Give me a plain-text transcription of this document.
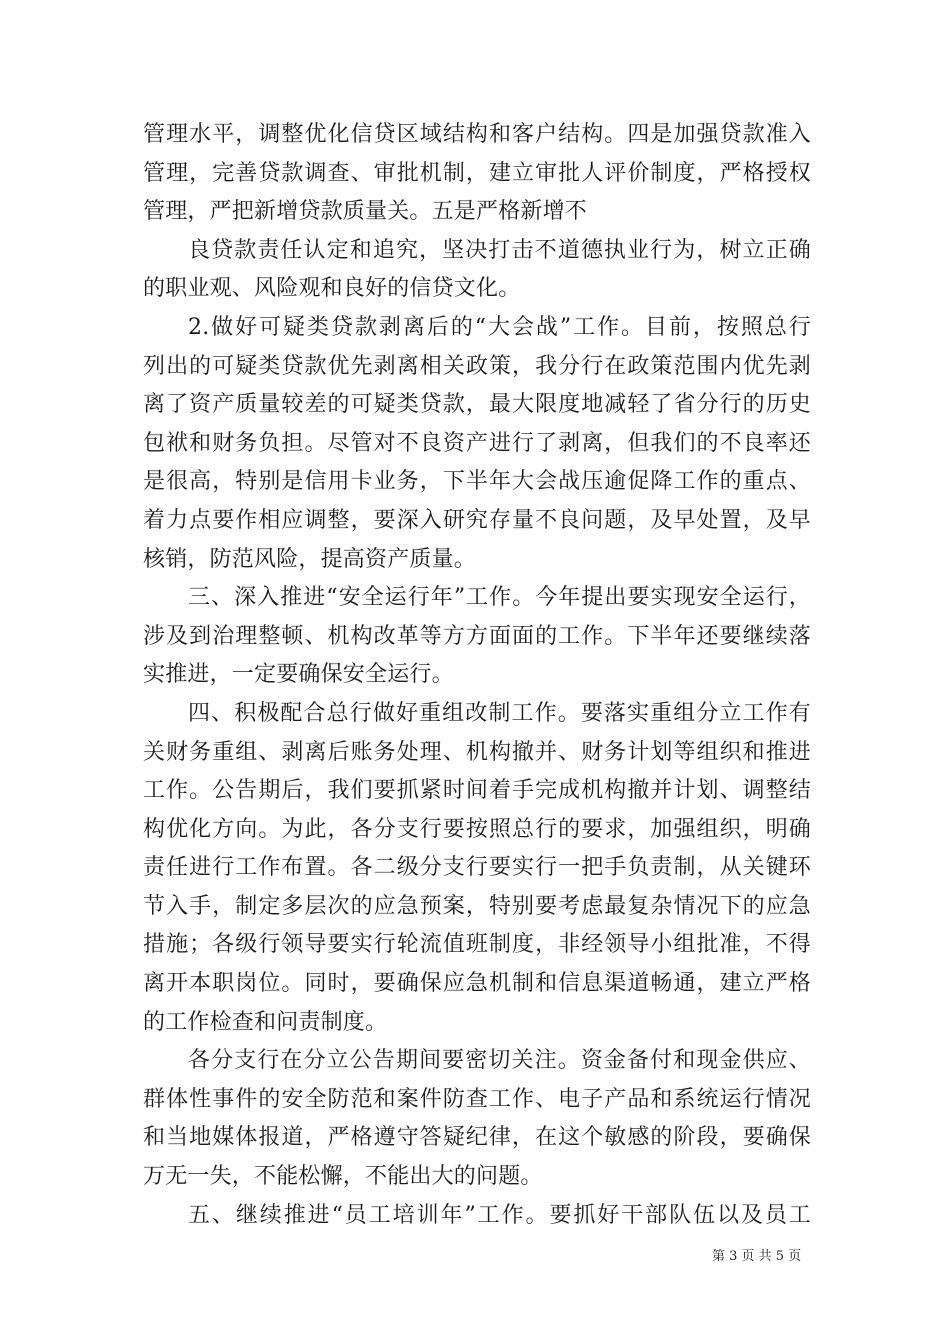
管理水平，调整优化信贷区域结构和客户结构。四是加强贷款准入
管理，完善贷款调查、审批机制，建立审批人评价制度，严格授权
管理，严把新增贷款质量关。五是严格新增不
良贷款责任认定和追究，坚决打击不道德执业行为，树立正确
的职业观、风险观和良好的信贷文化。
2.做好可疑类贷款剥离后的“大会战”工作。目前，按照总行
列出的可疑类贷款优先剥离相关政策，我分行在政策范围内优先剥
离了资产质量较差的可疑类贷款，最大限度地减轻了省分行的历史
包袱和财务负担。尽管对不良资产进行了剥离，但我们的不良率还
是很高，特别是信用卡业务，下半年大会战压逾促降工作的重点、
着力点要作相应调整，要深入研究存量不良问题，及早处置，及早
核销，防范风险，提高资产质量。
三、深入推进“安全运行年”工作。今年提出要实现安全运行，
涉及到治理整顿、机构改革等方方面面的工作。下半年还要继续落
实推进，一定要确保安全运行。
四、积极配合总行做好重组改制工作。要落实重组分立工作有
关财务重组、剥离后账务处理、机构撤并、财务计划等组织和推进
工作。公告期后，我们要抓紧时间着手完成机构撤并计划、调整结
构优化方向。为此，各分支行要按照总行的要求，加强组织，明确
责任进行工作布置。各二级分支行要实行一把手负责制，从关键环
节入手，制定多层次的应急预案，特别要考虑最复杂情况下的应急
措施；各级行领导要实行轮流值班制度，非经领导小组批准，不得
离开本职岗位。同时，要确保应急机制和信息渠道畅通，建立严格
的工作检查和问责制度。
各分支行在分立公告期间要密切关注。资金备付和现金供应、
群体性事件的安全防范和案件防查工作、电子产品和系统运行情况
和当地媒体报道，严格遵守答疑纪律，在这个敏感的阶段，要确保
万无一失，不能松懈，不能出大的问题。
五、继续推进“员工培训年”工作。要抓好干部队伍以及员工
第 3 页 共 5 页
